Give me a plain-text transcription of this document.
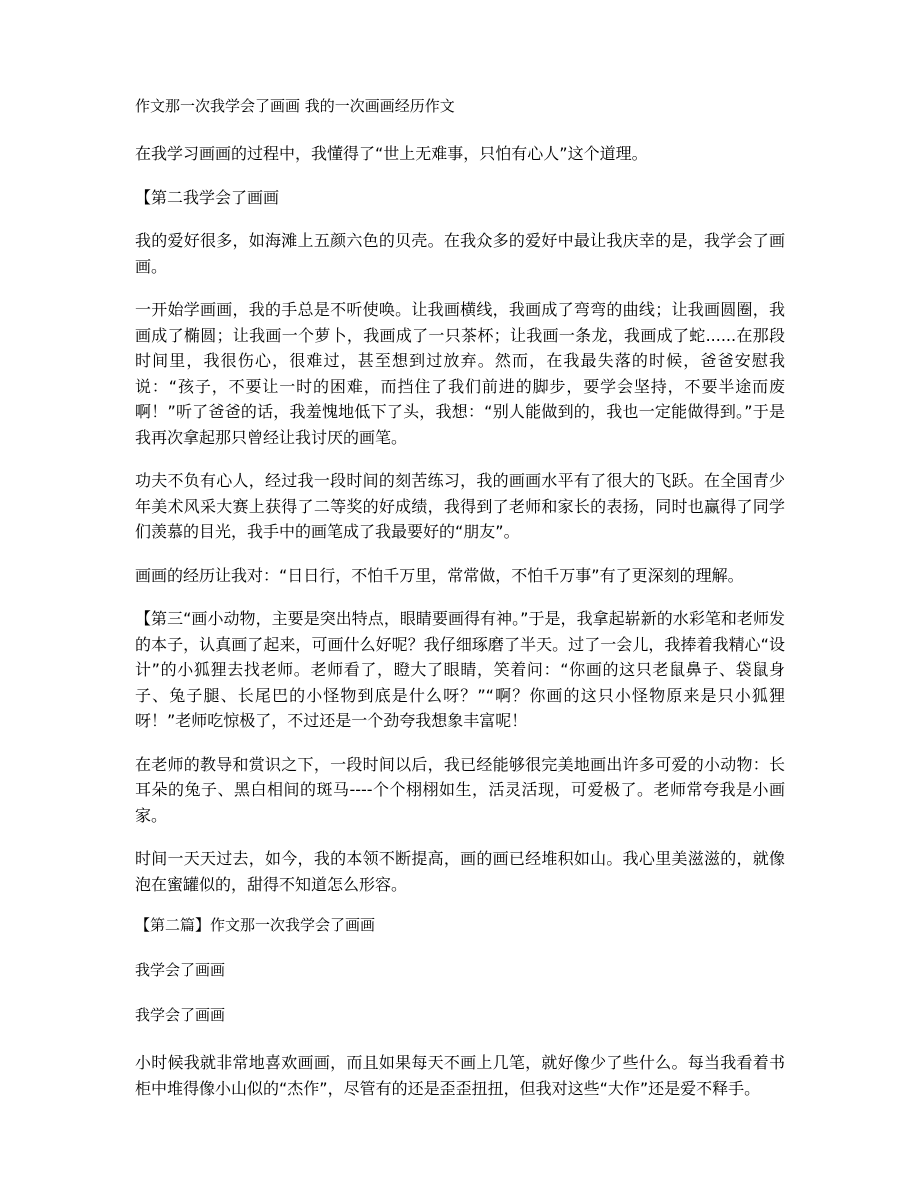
作文那一次我学会了画画 我的一次画画经历作文
在我学习画画的过程中，我懂得了“世上无难事，只怕有心人”这个道理。
【第二我学会了画画
我的爱好很多，如海滩上五颜六色的贝壳。在我众多的爱好中最让我庆幸的是，我学会了画画。
一开始学画画，我的手总是不听使唤。让我画横线，我画成了弯弯的曲线；让我画圆圈，我画成了椭圆；让我画一个萝卜，我画成了一只茶杯；让我画一条龙，我画成了蛇......在那段时间里，我很伤心，很难过，甚至想到过放弃。然而，在我最失落的时候，爸爸安慰我说：“孩子，不要让一时的困难，而挡住了我们前进的脚步，要学会坚持，不要半途而废啊！”听了爸爸的话，我羞愧地低下了头，我想：“别人能做到的，我也一定能做得到。”于是我再次拿起那只曾经让我讨厌的画笔。
功夫不负有心人，经过我一段时间的刻苦练习，我的画画水平有了很大的飞跃。在全国青少年美术风采大赛上获得了二等奖的好成绩，我得到了老师和家长的表扬，同时也赢得了同学们羡慕的目光，我手中的画笔成了我最要好的“朋友”。
画画的经历让我对：“日日行，不怕千万里，常常做，不怕千万事”有了更深刻的理解。
【第三“画小动物，主要是突出特点，眼睛要画得有神。”于是，我拿起崭新的水彩笔和老师发的本子，认真画了起来，可画什么好呢？我仔细琢磨了半天。过了一会儿，我捧着我精心“设计”的小狐狸去找老师。老师看了，瞪大了眼睛，笑着问：“你画的这只老鼠鼻子、袋鼠身子、兔子腿、长尾巴的小怪物到底是什么呀？”“啊？你画的这只小怪物原来是只小狐狸呀！”老师吃惊极了，不过还是一个劲夸我想象丰富呢！
在老师的教导和赏识之下，一段时间以后，我已经能够很完美地画出许多可爱的小动物：长耳朵的兔子、黑白相间的斑马----个个栩栩如生，活灵活现，可爱极了。老师常夸我是小画家。
时间一天天过去，如今，我的本领不断提高，画的画已经堆积如山。我心里美滋滋的，就像泡在蜜罐似的，甜得不知道怎么形容。
【第二篇】作文那一次我学会了画画
我学会了画画
我学会了画画
小时候我就非常地喜欢画画，而且如果每天不画上几笔，就好像少了些什么。每当我看着书柜中堆得像小山似的“杰作”，尽管有的还是歪歪扭扭，但我对这些“大作”还是爱不释手。
